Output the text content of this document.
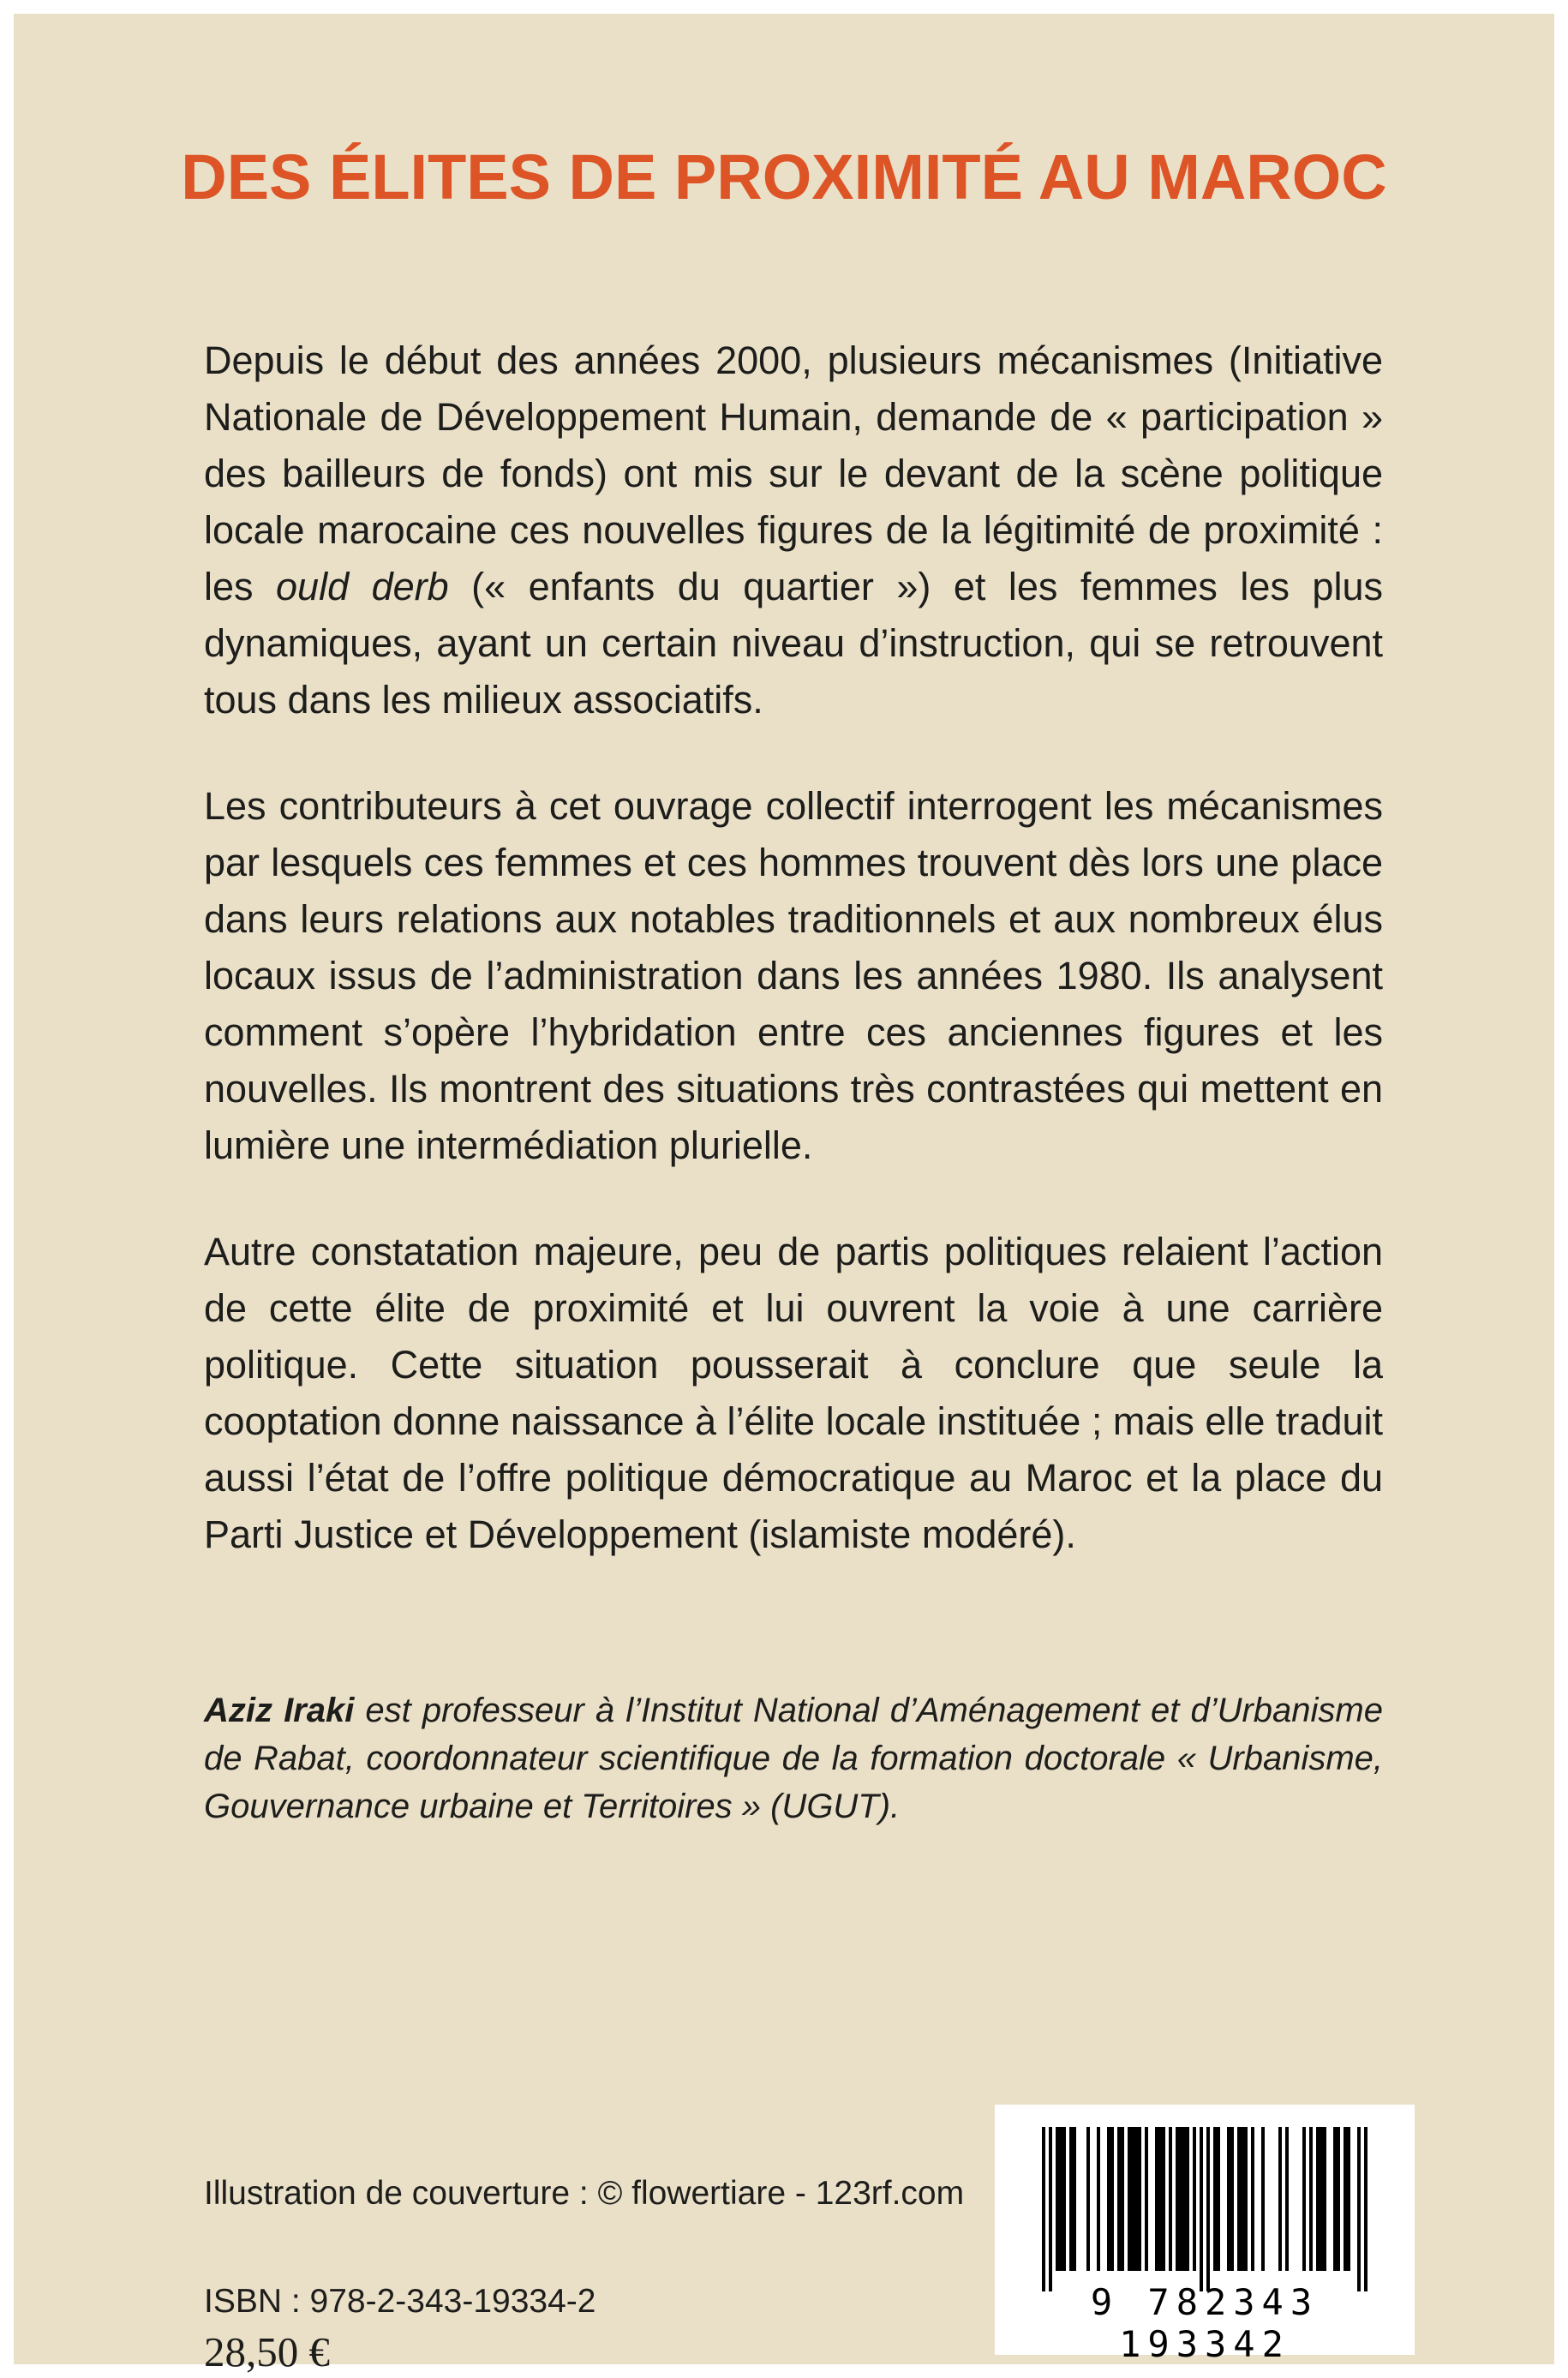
DES ÉLITES DE PROXIMITÉ AU MAROC

Depuis le début des années 2000, plusieurs mécanismes (Initiative Nationale de Développement Humain, demande de « participation » des bailleurs de fonds) ont mis sur le devant de la scène politique locale marocaine ces nouvelles figures de la légitimité de proximité : les ould derb (« enfants du quartier ») et les femmes les plus dynamiques, ayant un certain niveau d’instruction, qui se retrouvent tous dans les milieux associatifs.

Les contributeurs à cet ouvrage collectif interrogent les mécanismes par lesquels ces femmes et ces hommes trouvent dès lors une place dans leurs relations aux notables traditionnels et aux nombreux élus locaux issus de l’administration dans les années 1980. Ils analysent comment s’opère l’hybridation entre ces anciennes figures et les nouvelles. Ils montrent des situations très contrastées qui mettent en lumière une intermédiation plurielle.

Autre constatation majeure, peu de partis politiques relaient l’action de cette élite de proximité et lui ouvrent la voie à une carrière politique. Cette situation pousserait à conclure que seule la cooptation donne naissance à l’élite locale instituée ; mais elle traduit aussi l’état de l’offre politique démocratique au Maroc et la place du Parti Justice et Développement (islamiste modéré).

Aziz Iraki est professeur à l’Institut National d’Aménagement et d’Urbanisme de Rabat, coordonnateur scientifique de la formation doctorale « Urbanisme, Gouvernance urbaine et Territoires » (UGUT).

Illustration de couverture : © flowertiare - 123rf.com

ISBN : 978-2-343-19334-2

28,50 €

9 782343 193342
